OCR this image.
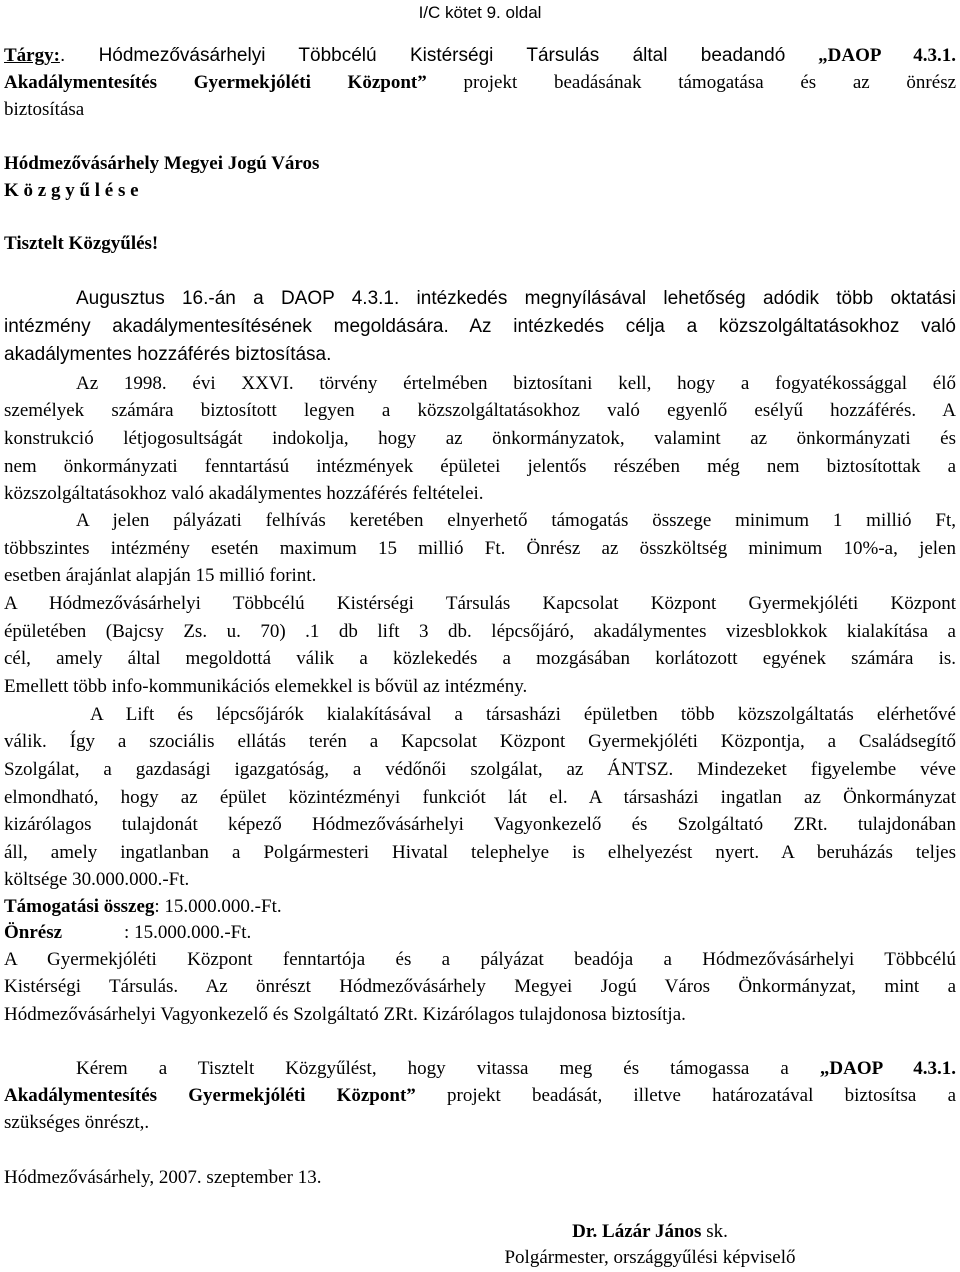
I/C kötet 9. oldal
Tárgy:. Hódmezővásárhelyi Többcélú Kistérségi Társulás által beadandó „DAOP 4.3.1.
Akadálymentesítés Gyermekjóléti Központ” projekt beadásának támogatása és az önrész
biztosítása
Hódmezővásárhely Megyei Jogú Város
K ö z g y ű l é s e
Tisztelt Közgyűlés!
Augusztus 16.-án a DAOP 4.3.1. intézkedés megnyílásával lehetőség adódik több oktatási
intézmény akadálymentesítésének megoldására. Az intézkedés célja a közszolgáltatásokhoz való
akadálymentes hozzáférés biztosítása.
Az 1998. évi XXVI. törvény értelmében biztosítani kell, hogy a fogyatékossággal élő
személyek számára biztosított legyen a közszolgáltatásokhoz való egyenlő esélyű hozzáférés. A
konstrukció létjogosultságát indokolja, hogy az önkormányzatok, valamint az önkormányzati és
nem önkormányzati fenntartású intézmények épületei jelentős részében még nem biztosítottak a
közszolgáltatásokhoz való akadálymentes hozzáférés feltételei.
A jelen pályázati felhívás keretében elnyerhető támogatás összege minimum 1 millió Ft,
többszintes intézmény esetén maximum 15 millió Ft. Önrész az összköltség minimum 10%-a, jelen
esetben árajánlat alapján 15 millió forint.
A Hódmezővásárhelyi Többcélú Kistérségi Társulás Kapcsolat Központ Gyermekjóléti Központ
épületében (Bajcsy Zs. u. 70) .1 db lift 3 db. lépcsőjáró, akadálymentes vizesblokkok kialakítása a
cél, amely által megoldottá válik a közlekedés a mozgásában korlátozott egyének számára is.
Emellett több info-kommunikációs elemekkel is bővül az intézmény.
A Lift és lépcsőjárók kialakításával a társasházi épületben több közszolgáltatás elérhetővé
válik. Így a szociális ellátás terén a Kapcsolat Központ Gyermekjóléti Központja, a Családsegítő
Szolgálat, a gazdasági igazgatóság, a védőnői szolgálat, az ÁNTSZ. Mindezeket figyelembe véve
elmondható, hogy az épület közintézményi funkciót lát el. A társasházi ingatlan az Önkormányzat
kizárólagos tulajdonát képező Hódmezővásárhelyi Vagyonkezelő és Szolgáltató ZRt. tulajdonában
áll, amely ingatlanban a Polgármesteri Hivatal telephelye is elhelyezést nyert. A beruházás teljes
költsége 30.000.000.-Ft.
Támogatási összeg: 15.000.000.-Ft.
Önrész	: 15.000.000.-Ft.
A Gyermekjóléti Központ fenntartója és a pályázat beadója a Hódmezővásárhelyi Többcélú
Kistérségi Társulás. Az önrészt Hódmezővásárhely Megyei Jogú Város Önkormányzat, mint a
Hódmezővásárhelyi Vagyonkezelő és Szolgáltató ZRt. Kizárólagos tulajdonosa biztosítja.
Kérem a Tisztelt Közgyűlést, hogy vitassa meg és támogassa a „DAOP 4.3.1.
Akadálymentesítés Gyermekjóléti Központ” projekt beadását, illetve határozatával biztosítsa a
szükséges önrészt,.
Hódmezővásárhely, 2007. szeptember 13.
Dr. Lázár János sk.
Polgármester, országgyűlési képviselő
